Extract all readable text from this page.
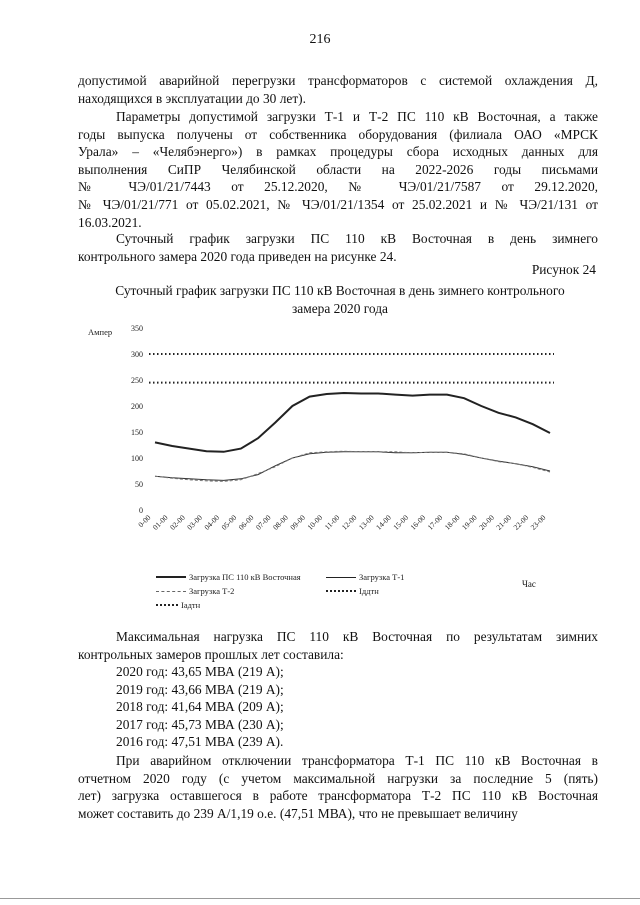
216

допустимой аварийной перегрузки трансформаторов с системой охлаждения Д,
находящихся в эксплуатации до 30 лет).

Параметры допустимой загрузки Т-1 и Т-2 ПС 110 кВ Восточная, а также
годы выпуска получены от собственника оборудования (филиала ОАО «МРСК
Урала» – «Челябэнерго») в рамках процедуры сбора исходных данных для
выполнения СиПР Челябинской области на 2022-2026 годы письмами
№ ЧЭ/01/21/7443 от 25.12.2020, № ЧЭ/01/21/7587 от 29.12.2020,
№ ЧЭ/01/21/771 от 05.02.2021, № ЧЭ/01/21/1354 от 25.02.2021 и № ЧЭ/21/131 от
16.03.2021.

Суточный график загрузки ПС 110 кВ Восточная в день зимнего
контрольного замера 2020 года приведен на рисунке 24.

Рисунок 24
Суточный график загрузки ПС 110 кВ Восточная в день зимнего контрольного
замера 2020 года
Ампер
0
50
100
150
200
250
300
350
0-00
01-00
02-00
03-00
04-00
05-00
06-00
07-00
08-00
09-00
10-00
11-00
12-00
13-00
14-00
15-00
16-00
17-00
18-00
19-00
20-00
21-00
22-00
23-00
Загрузка ПС 110 кВ Восточная	Загрузка Т-1
Загрузка Т-2	Iддтн
Iадтн
Час

Максимальная нагрузка ПС 110 кВ Восточная по результатам зимних
контрольных замеров прошлых лет составила:

2020 год: 43,65 МВА (219 А);
2019 год: 43,66 МВА (219 А);
2018 год: 41,64 МВА (209 А);
2017 год: 45,73 МВА (230 А);
2016 год: 47,51 МВА (239 А).

При аварийном отключении трансформатора Т-1 ПС 110 кВ Восточная в
отчетном 2020 году (с учетом максимальной нагрузки за последние 5 (пять)
лет) загрузка оставшегося в работе трансформатора Т-2 ПС 110 кВ Восточная
может составить до 239 А/1,19 о.е. (47,51 МВА), что не превышает величину
